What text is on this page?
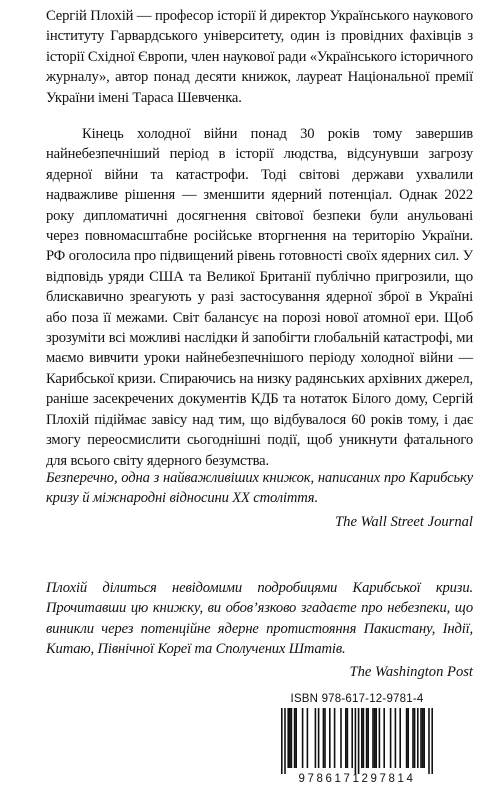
Сергій Плохій — професор історії й директор Українського наукового інституту Гарвардського університету, один із провідних фахівців з історії Східної Європи, член наукової ради «Українського історичного журналу», автор понад десяти книжок, лауреат Національної премії України імені Тараса Шевченка.

Кінець холодної війни понад 30 років тому завершив найнебезпечніший період в історії людства, відсунувши загрозу ядерної війни та катастрофи. Тоді світові держави ухвалили надважливе рішення — зменшити ядерний потенціал. Однак 2022 року дипломатичні досягнення світової безпеки були анульовані через повномасштабне російське вторгнення на територію України. РФ оголосила про підвищений рівень готовності своїх ядерних сил. У відповідь уряди США та Великої Британії публічно пригрозили, що блискавично зреагують у разі застосування ядерної зброї в Україні або поза її межами. Світ балансує на порозі нової атомної ери. Щоб зрозуміти всі можливі наслідки й запобігти глобальній катастрофі, ми маємо вивчити уроки найнебезпечнішого періоду холодної війни — Карибської кризи. Спираючись на низку радянських архівних джерел, раніше засекречених документів КДБ та нотаток Білого дому, Сергій Плохій підіймає завісу над тим, що відбувалося 60 років тому, і дає змогу переосмислити сьогоднішні події, щоб уникнути фатального для всього світу ядерного безумства.

Безперечно, одна з найважливіших книжок, написаних про Карибську кризу й міжнародні відносини XX століття.

The Wall Street Journal

Плохій ділиться невідомими подробицями Карибської кризи. Прочитавши цю книжку, ви обов’язково згадаєте про небезпеки, що виникли через потенційне ядерне протистояння Пакистану, Індії, Китаю, Північної Кореї та Сполучених Штатів.

The Washington Post

ISBN 978-617-12-9781-4
9786171297814
